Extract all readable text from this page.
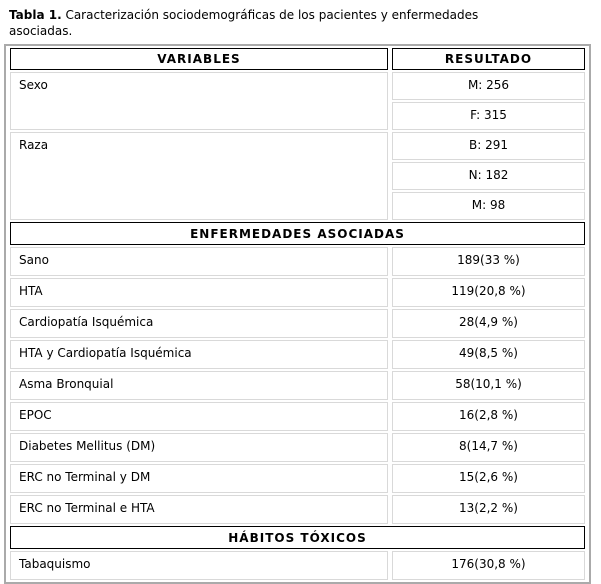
Tabla 1. Caracterización sociodemográficas de los pacientes y enfermedades
asociadas.
VARIABLES	RESULTADO
Sexo	M: 256
	F: 315
Raza	B: 291
	N: 182
	M: 98
ENFERMEDADES ASOCIADAS	
Sano	189(33 %)
HTA	119(20,8 %)
Cardiopatía Isquémica	28(4,9 %)
HTA y Cardiopatía Isquémica	49(8,5 %)
Asma Bronquial	58(10,1 %)
EPOC	16(2,8 %)
Diabetes Mellitus (DM)	8(14,7 %)
ERC no Terminal y DM	15(2,6 %)
ERC no Terminal e HTA	13(2,2 %)
HÁBITOS TÓXICOS	
Tabaquismo	176(30,8 %)
